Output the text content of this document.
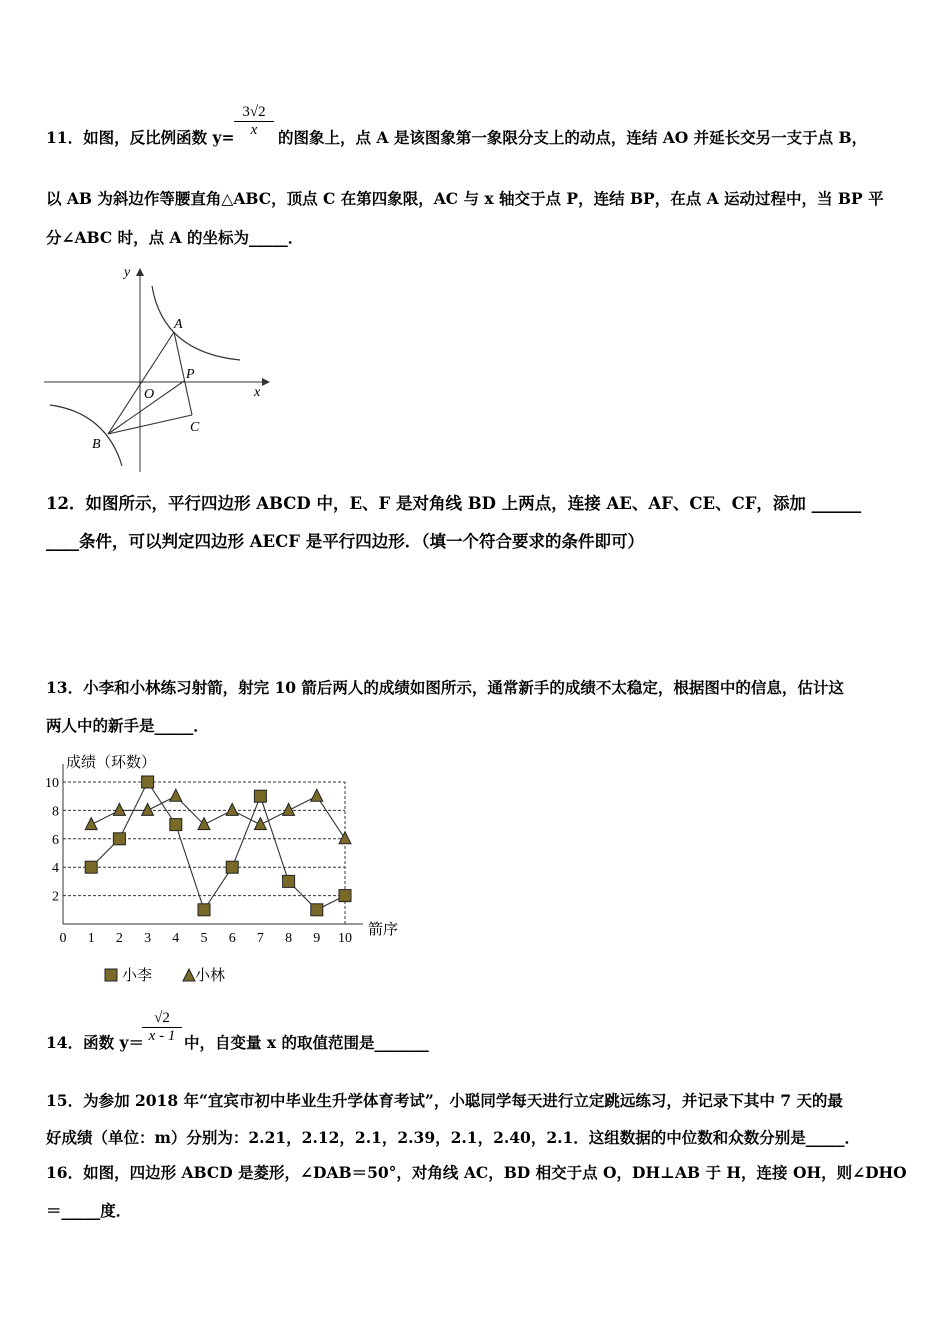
11．如图，反比例函数 y=
3√2
x	的图象上，点 A 是该图象第一象限分支上的动点，连结 AO 并延长交另一支于点 B，
以 AB 为斜边作等腰直角△ABC，顶点 C 在第四象限，AC 与 x 轴交于点 P，连结 BP，在点 A 运动过程中，当 BP 平
分∠ABC 时，点 A 的坐标为_____．
y
x
O
A
B
C
P
12．如图所示，平行四边形 ABCD 中，E、F 是对角线 BD 上两点，连接 AE、AF、CE、CF，添加 ______
____条件，可以判定四边形 AECF 是平行四边形．（填一个符合要求的条件即可）
13．小李和小林练习射箭，射完 10 箭后两人的成绩如图所示，通常新手的成绩不太稳定，根据图中的信息，估计这
两人中的新手是_____．
成绩（环数）
箭序
2
4
6
8
10
0 1 2 3 4 5 6 7 8 9 10
小李	小林
14．函数 y＝
√2
x - 1 中，自变量 x 的取值范围是_______
15．为参加 2018 年“宜宾市初中毕业生升学体育考试”，小聪同学每天进行立定跳远练习，并记录下其中 7 天的最
好成绩（单位：m）分别为：2.21，2.12，2.1，2.39，2.1，2.40，2.1．这组数据的中位数和众数分别是_____．
16．如图，四边形 ABCD 是菱形，∠DAB＝50°，对角线 AC，BD 相交于点 O，DH⊥AB 于 H，连接 OH，则∠DHO
＝_____度．
